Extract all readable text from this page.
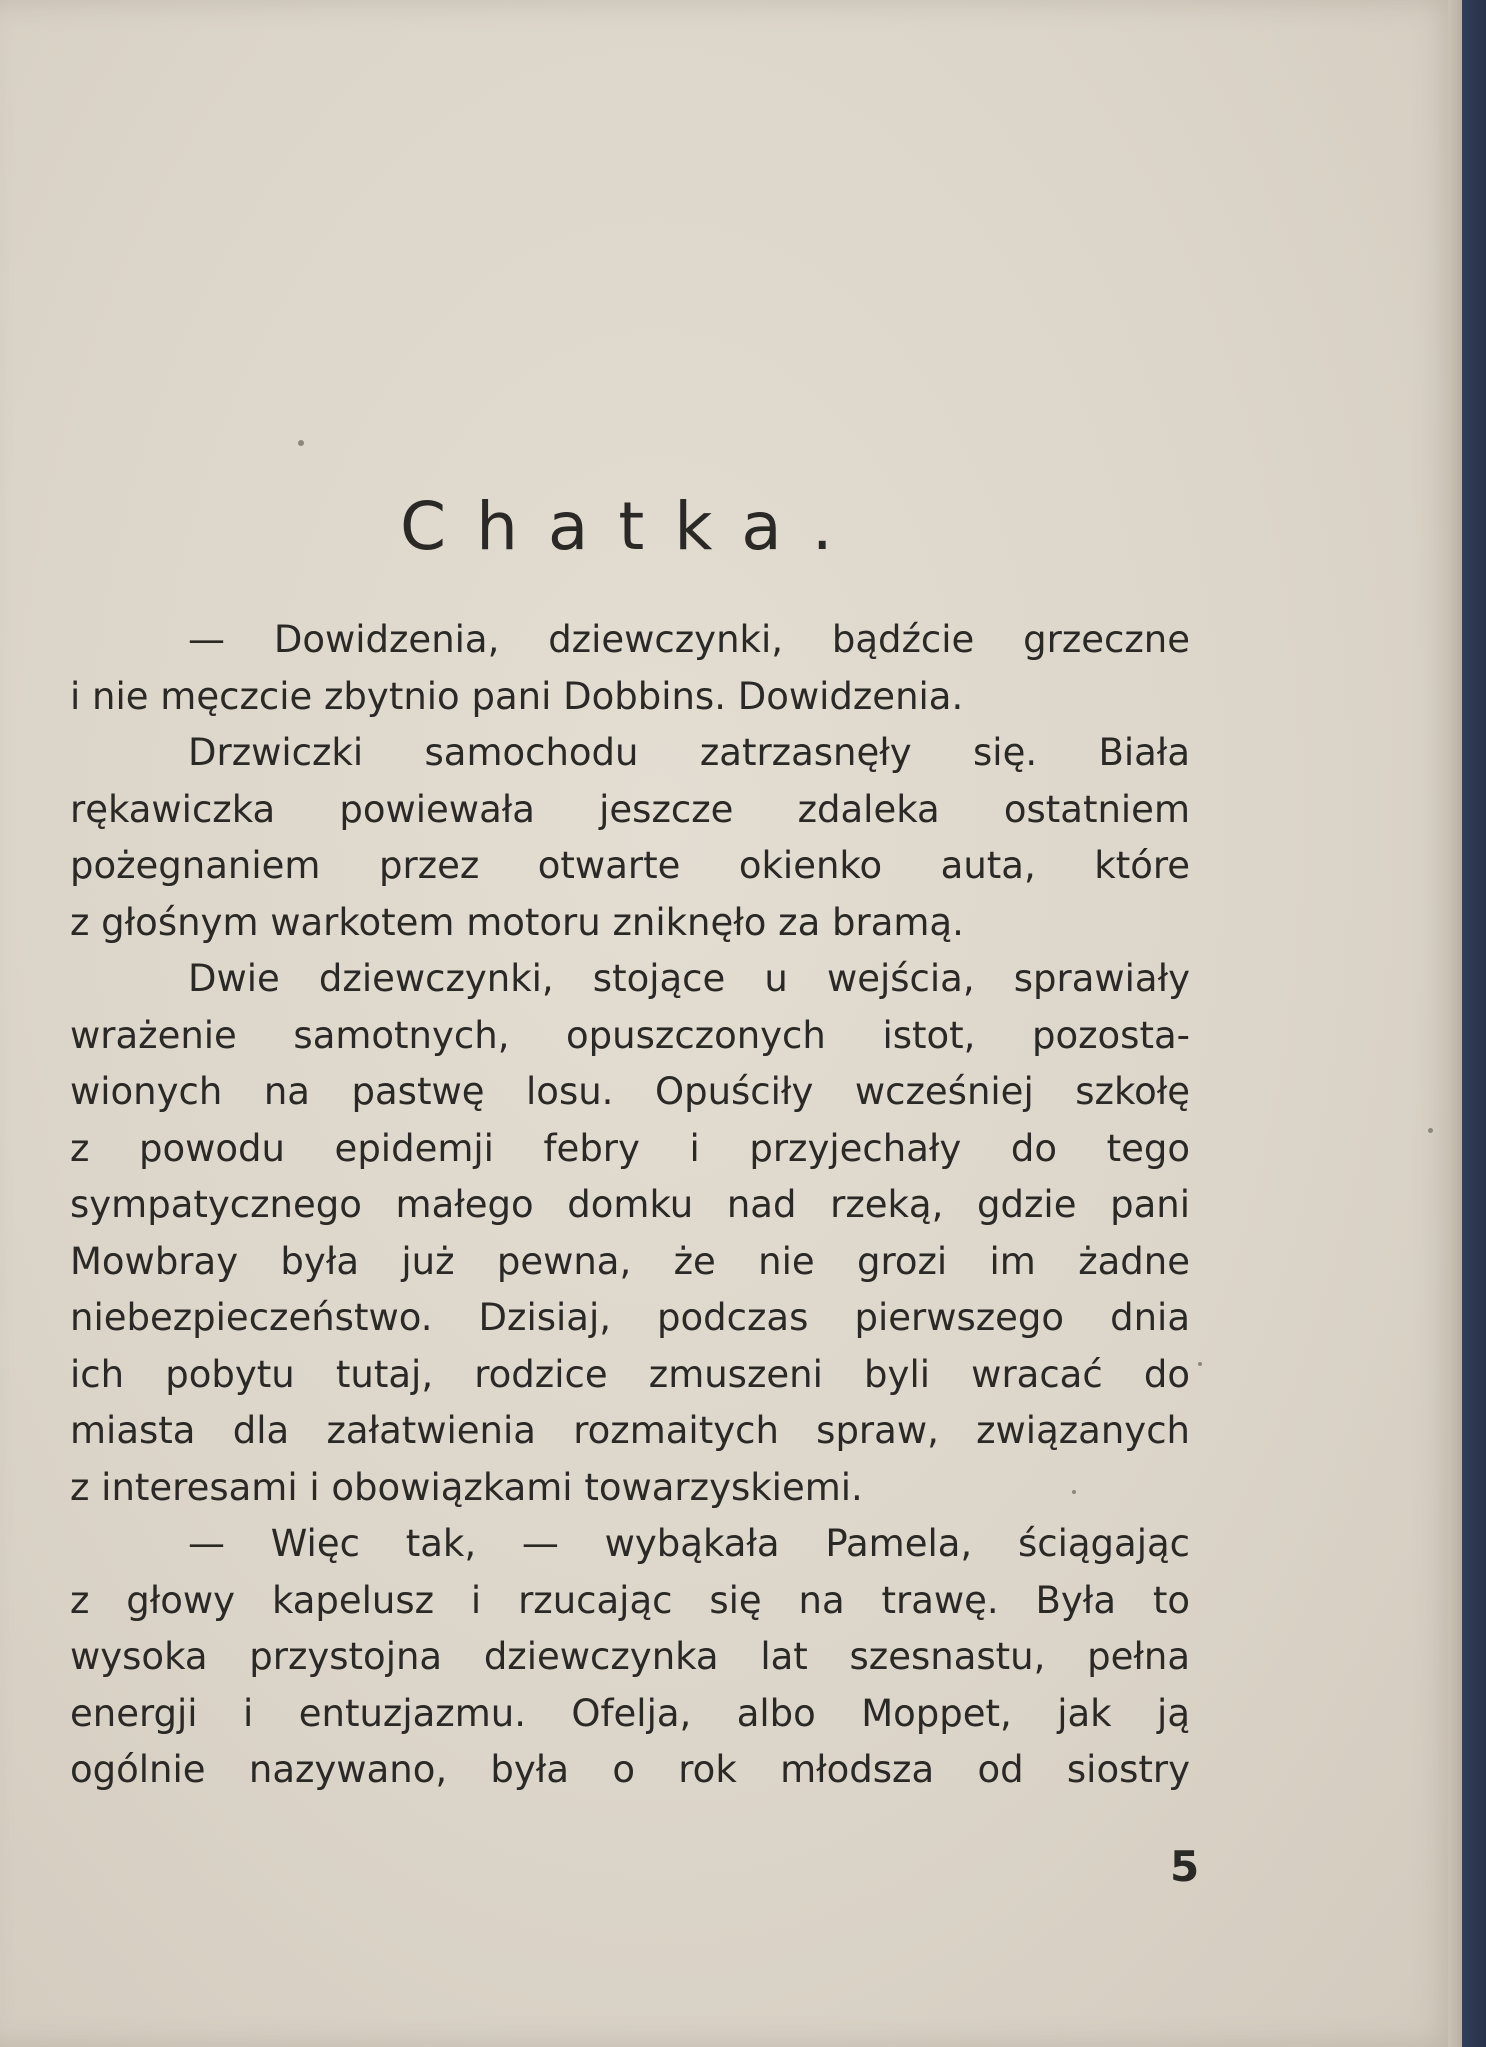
Chatka.
— Dowidzenia, dziewczynki, bądźcie grzeczne
i nie męczcie zbytnio pani Dobbins. Dowidzenia.
Drzwiczki samochodu zatrzasnęły się. Biała
rękawiczka powiewała jeszcze zdaleka ostatniem
pożegnaniem przez otwarte okienko auta, które
z głośnym warkotem motoru zniknęło za bramą.
Dwie dziewczynki, stojące u wejścia, sprawiały
wrażenie samotnych, opuszczonych istot, pozosta-
wionych na pastwę losu. Opuściły wcześniej szkołę
z powodu epidemji febry i przyjechały do tego
sympatycznego małego domku nad rzeką, gdzie pani
Mowbray była już pewna, że nie grozi im żadne
niebezpieczeństwo. Dzisiaj, podczas pierwszego dnia
ich pobytu tutaj, rodzice zmuszeni byli wracać do
miasta dla załatwienia rozmaitych spraw, związanych
z interesami i obowiązkami towarzyskiemi.
— Więc tak, — wybąkała Pamela, ściągając
z głowy kapelusz i rzucając się na trawę. Była to
wysoka przystojna dziewczynka lat szesnastu, pełna
energji i entuzjazmu. Ofelja, albo Moppet, jak ją
ogólnie nazywano, była o rok młodsza od siostry
5
